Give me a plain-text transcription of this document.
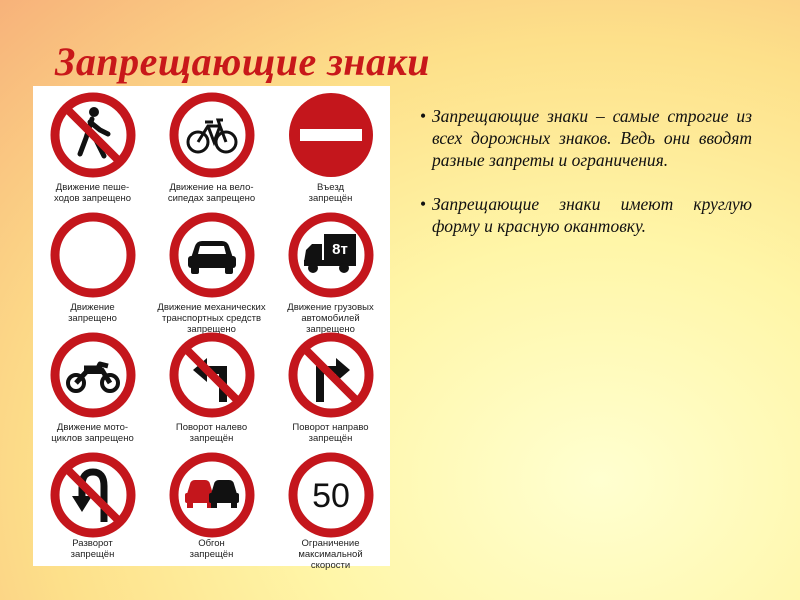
Запрещающие знаки
Движение пеше-
ходов запрещено
Движение на вело-
сипедах запрещено
Въезд
запрещён
Движение
запрещено
Движение механических
транспортных средств
запрещено
8т
Движение грузовых
автомобилей
запрещено
Движение мото-
циклов запрещено
Поворот налево
запрещён
Поворот направо
запрещён
Разворот
запрещён
Обгон
запрещён
50
Ограничение
максимальной
скорости
• Запрещающие знаки – самые строгие из всех дорожных знаков. Ведь они вводят разные запреты и ограничения.
• Запрещающие знаки имеют круглую форму и красную окантовку.
